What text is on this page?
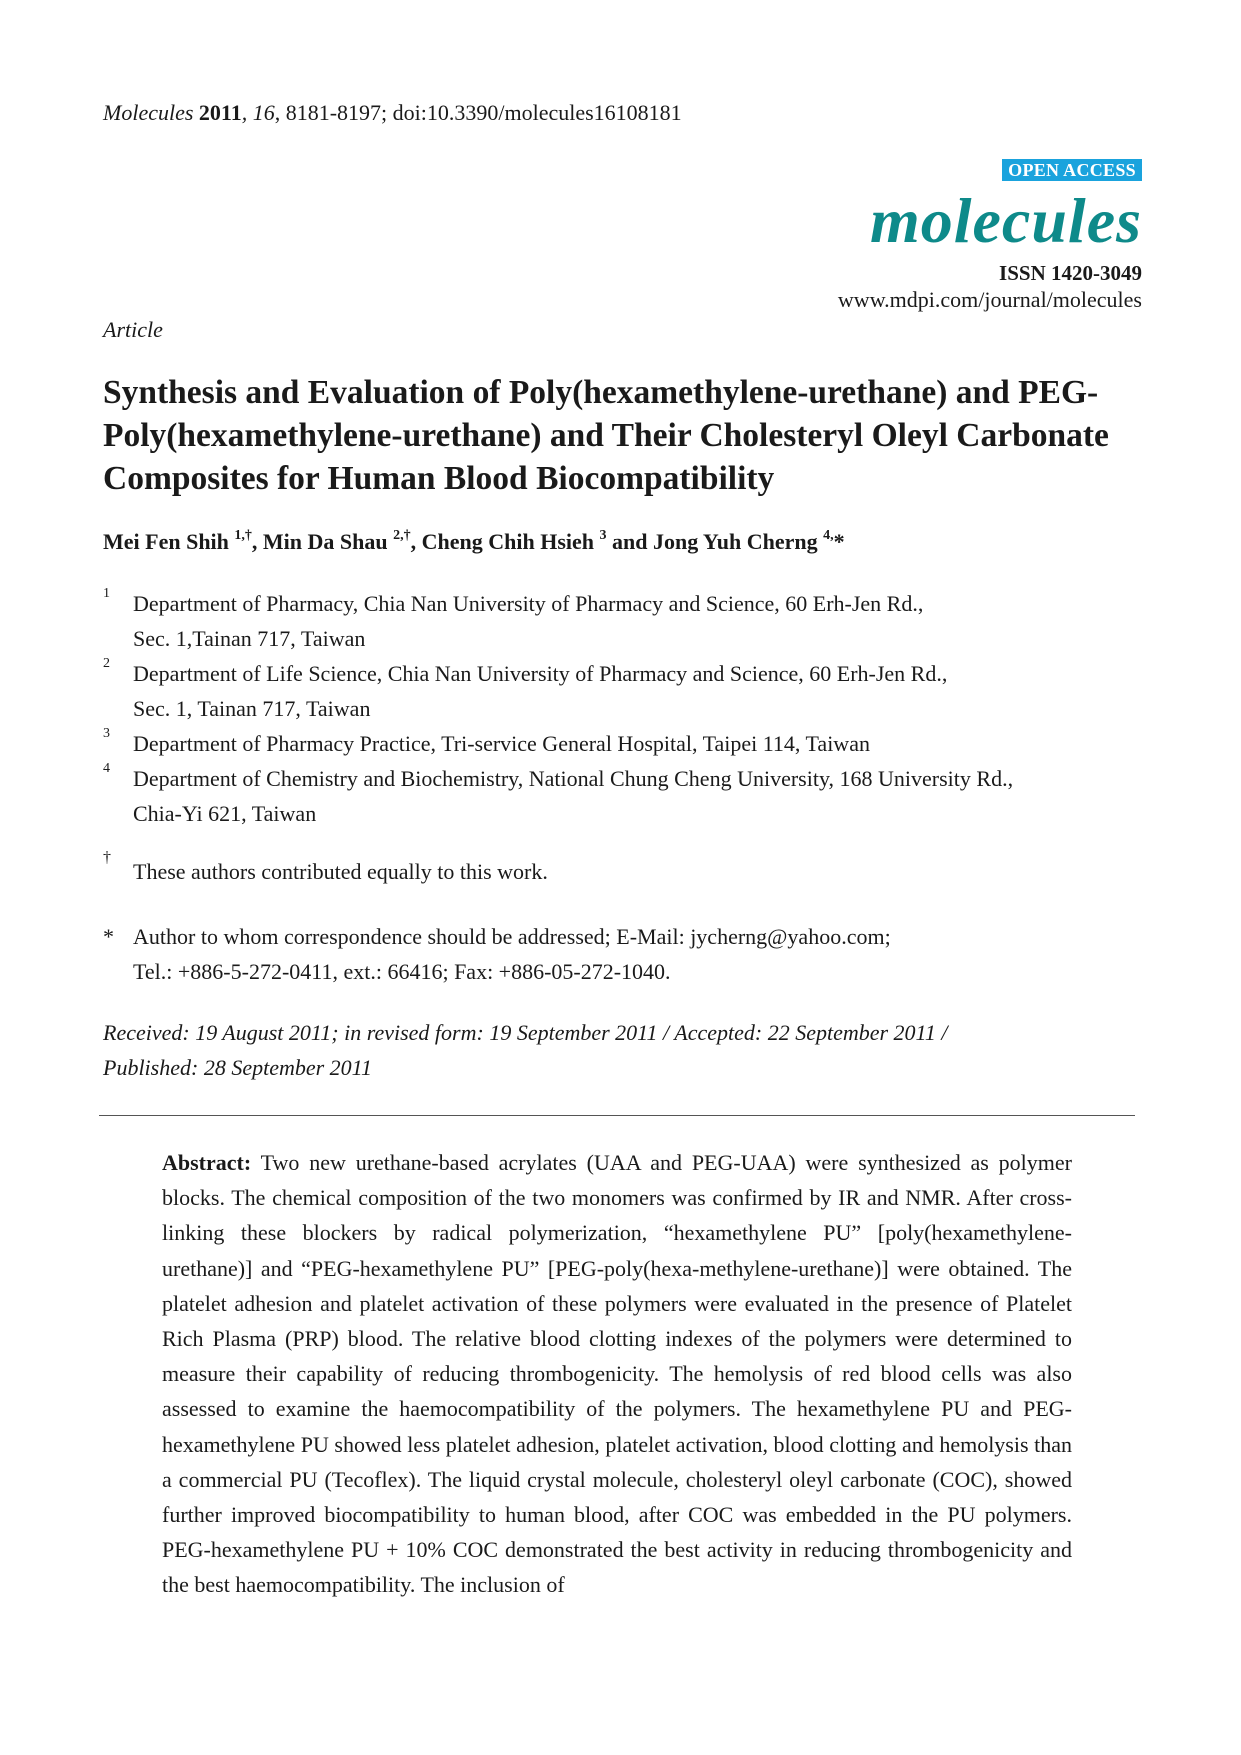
Molecules 2011, 16, 8181-8197; doi:10.3390/molecules16108181
OPEN ACCESS
molecules
ISSN 1420-3049
www.mdpi.com/journal/molecules
Article
Synthesis and Evaluation of Poly(hexamethylene-urethane) and PEG-Poly(hexamethylene-urethane) and Their Cholesteryl Oleyl Carbonate Composites for Human Blood Biocompatibility
Mei Fen Shih $^{1,\dagger}$, Min Da Shau $^{2,\dagger}$, Cheng Chih Hsieh $^3$ and Jong Yuh Cherng $^{4,}$*
1	Department of Pharmacy, Chia Nan University of Pharmacy and Science, 60 Erh-Jen Rd.,
Sec. 1,Tainan 717, Taiwan
2	Department of Life Science, Chia Nan University of Pharmacy and Science, 60 Erh-Jen Rd.,
Sec. 1, Tainan 717, Taiwan
3	Department of Pharmacy Practice, Tri-service General Hospital, Taipei 114, Taiwan
4	Department of Chemistry and Biochemistry, National Chung Cheng University, 168 University Rd.,
Chia-Yi 621, Taiwan
†
These authors contributed equally to this work.
* Author to whom correspondence should be addressed; E-Mail: jycherng@yahoo.com;
Tel.: +886-5-272-0411, ext.: 66416; Fax: +886-05-272-1040.
Received: 19 August 2011; in revised form: 19 September 2011 / Accepted: 22 September 2011 /
Published: 28 September 2011

Abstract: Two new urethane-based acrylates (UAA and PEG-UAA) were synthesized as polymer blocks. The chemical composition of the two monomers was confirmed by IR and NMR. After cross-linking these blockers by radical polymerization, “hexamethylene PU” [poly(hexamethylene-urethane)] and “PEG-hexamethylene PU” [PEG-poly(hexa-methylene-urethane)] were obtained. The platelet adhesion and platelet activation of these polymers were evaluated in the presence of Platelet Rich Plasma (PRP) blood. The relative blood clotting indexes of the polymers were determined to measure their capability of reducing thrombogenicity. The hemolysis of red blood cells was also assessed to examine the haemocompatibility of the polymers. The hexamethylene PU and PEG-hexamethylene PU showed less platelet adhesion, platelet activation, blood clotting and hemolysis than a commercial PU (Tecoflex). The liquid crystal molecule, cholesteryl oleyl carbonate (COC), showed further improved biocompatibility to human blood, after COC was embedded in the PU polymers. PEG-hexamethylene PU + 10% COC demonstrated the best activity in reducing thrombogenicity and the best haemocompatibility. The inclusion of
